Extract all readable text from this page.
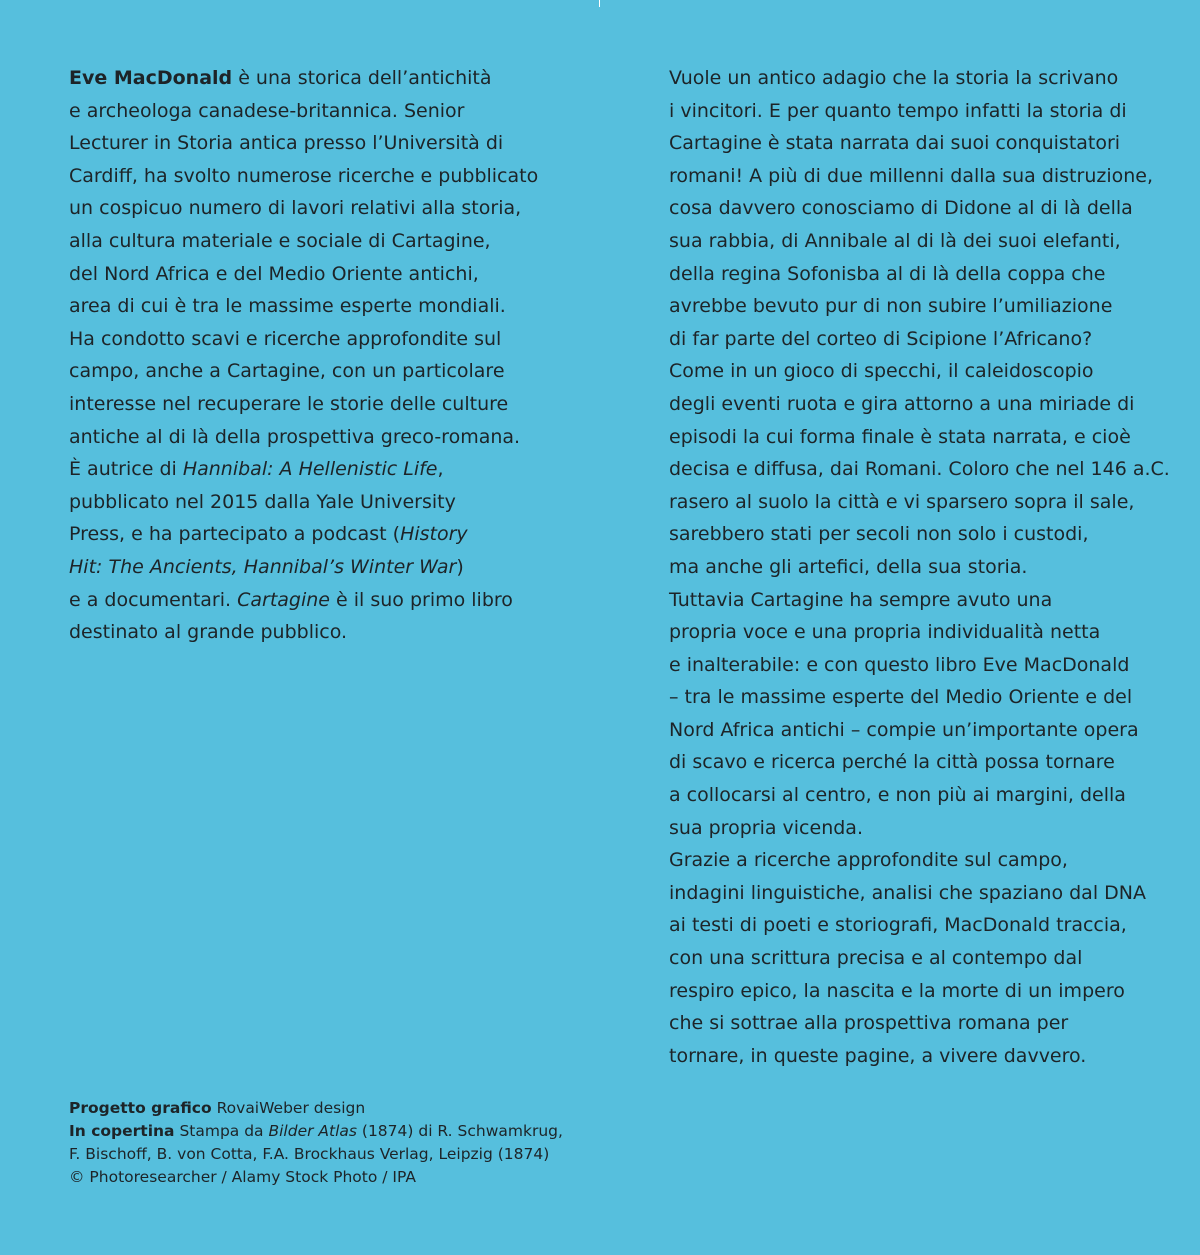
Eve MacDonald è una storica dell’antichità
e archeologa canadese-britannica. Senior
Lecturer in Storia antica presso l’Università di
Cardiff, ha svolto numerose ricerche e pubblicato
un cospicuo numero di lavori relativi alla storia,
alla cultura materiale e sociale di Cartagine,
del Nord Africa e del Medio Oriente antichi,
area di cui è tra le massime esperte mondiali.
Ha condotto scavi e ricerche approfondite sul
campo, anche a Cartagine, con un particolare
interesse nel recuperare le storie delle culture
antiche al di là della prospettiva greco-romana.
È autrice di Hannibal: A Hellenistic Life,
pubblicato nel 2015 dalla Yale University
Press, e ha partecipato a podcast (History
Hit: The Ancients, Hannibal’s Winter War)
e a documentari. Cartagine è il suo primo libro
destinato al grande pubblico.
Vuole un antico adagio che la storia la scrivano
i vincitori. E per quanto tempo infatti la storia di
Cartagine è stata narrata dai suoi conquistatori
romani! A più di due millenni dalla sua distruzione,
cosa davvero conosciamo di Didone al di là della
sua rabbia, di Annibale al di là dei suoi elefanti,
della regina Sofonisba al di là della coppa che
avrebbe bevuto pur di non subire l’umiliazione
di far parte del corteo di Scipione l’Africano?
Come in un gioco di specchi, il caleidoscopio
degli eventi ruota e gira attorno a una miriade di
episodi la cui forma finale è stata narrata, e cioè
decisa e diffusa, dai Romani. Coloro che nel 146 a.C.
rasero al suolo la città e vi sparsero sopra il sale,
sarebbero stati per secoli non solo i custodi,
ma anche gli artefici, della sua storia.
Tuttavia Cartagine ha sempre avuto una
propria voce e una propria individualità netta
e inalterabile: e con questo libro Eve MacDonald
– tra le massime esperte del Medio Oriente e del
Nord Africa antichi – compie un’importante opera
di scavo e ricerca perché la città possa tornare
a collocarsi al centro, e non più ai margini, della
sua propria vicenda.
Grazie a ricerche approfondite sul campo,
indagini linguistiche, analisi che spaziano dal DNA
ai testi di poeti e storiografi, MacDonald traccia,
con una scrittura precisa e al contempo dal
respiro epico, la nascita e la morte di un impero
che si sottrae alla prospettiva romana per
tornare, in queste pagine, a vivere davvero.
Progetto grafico RovaiWeber design
In copertina Stampa da Bilder Atlas (1874) di R. Schwamkrug,
F. Bischoff, B. von Cotta, F.A. Brockhaus Verlag, Leipzig (1874)
© Photoresearcher / Alamy Stock Photo / IPA
